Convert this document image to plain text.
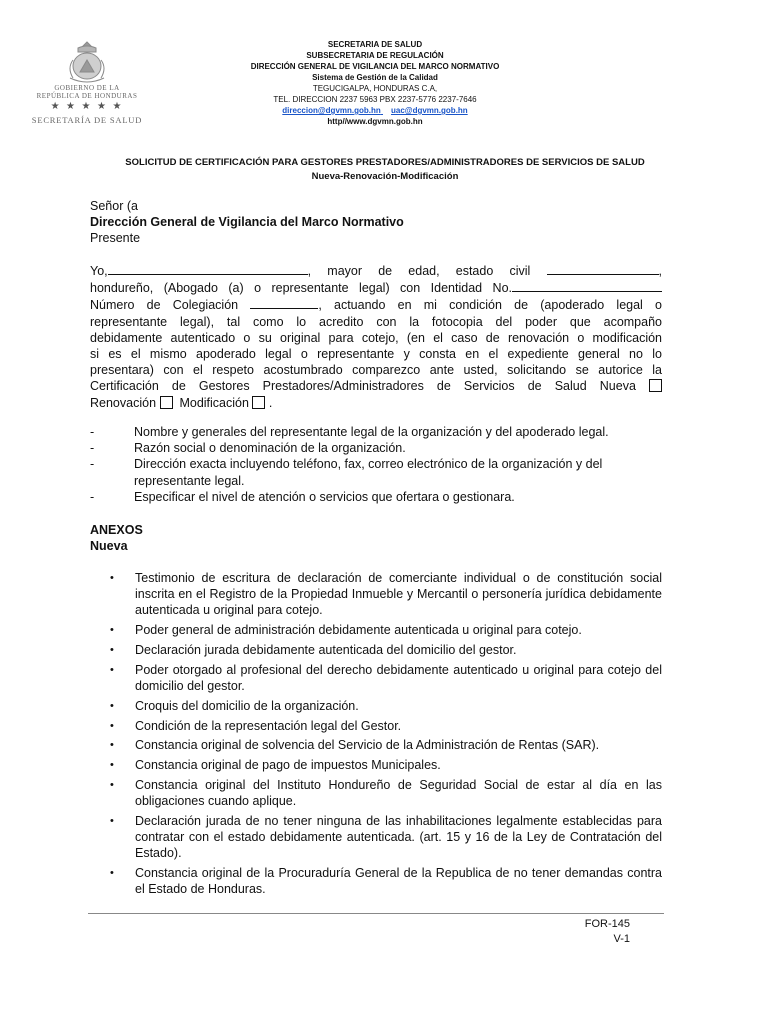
GOBIERNO DE LA
REPÚBLICA DE HONDURAS
★ ★ ★ ★ ★
SECRETARÍA DE SALUD
SECRETARIA DE SALUD
SUBSECRETARIA DE REGULACIÓN
DIRECCIÓN GENERAL DE VIGILANCIA DEL MARCO NORMATIVO
Sistema de Gestión de la Calidad
TEGUCIGALPA, HONDURAS C.A,
TEL. DIRECCION 2237 5963 PBX 2237-5776 2237-7646
direccion@dgvmn.gob.hn uac@dgvmn.gob.hn
http//www.dgvmn.gob.hn
SOLICITUD DE CERTIFICACIÓN PARA GESTORES PRESTADORES/ADMINISTRADORES DE SERVICIOS DE SALUD
Nueva-Renovación-Modificación
Señor (a
Dirección General de Vigilancia del Marco Normativo
Presente
Yo,	, mayor de edad, estado civil	,
hondureño, (Abogado (a) o representante legal) con Identidad No.
Número de Colegiación	, actuando en mi condición de (apoderado legal o
representante legal), tal como lo acredito con la fotocopia del poder que acompaño
debidamente autenticado o su original para cotejo, (en el caso de renovación o modificación
si es el mismo apoderado legal o representante y consta en el expediente general no lo
presentara) con el respeto acostumbrado comparezco ante usted, solicitando se autorice la
Certificación de Gestores Prestadores/Administradores de Servicios de Salud Nueva
Renovación Modificación .
-	Nombre y generales del representante legal de la organización y del apoderado legal.
-	Razón social o denominación de la organización.
-	Dirección exacta incluyendo teléfono, fax, correo electrónico de la organización y del representante legal.
-	Especificar el nivel de atención o servicios que ofertara o gestionara.
ANEXOS
Nueva
• Testimonio de escritura de declaración de comerciante individual o de constitución social inscrita en el Registro de la Propiedad Inmueble y Mercantil o personería jurídica debidamente autenticada u original para cotejo.
• Poder general de administración debidamente autenticada u original para cotejo.
• Declaración jurada debidamente autenticada del domicilio del gestor.
• Poder otorgado al profesional del derecho debidamente autenticado u original para cotejo del domicilio del gestor.
• Croquis del domicilio de la organización.
• Condición de la representación legal del Gestor.
• Constancia original de solvencia del Servicio de la Administración de Rentas (SAR).
• Constancia original de pago de impuestos Municipales.
• Constancia original del Instituto Hondureño de Seguridad Social de estar al día en las obligaciones cuando aplique.
• Declaración jurada de no tener ninguna de las inhabilitaciones legalmente establecidas para contratar con el estado debidamente autenticada. (art. 15 y 16 de la Ley de Contratación del Estado).
• Constancia original de la Procuraduría General de la Republica de no tener demandas contra el Estado de Honduras.
FOR-145
V-1
